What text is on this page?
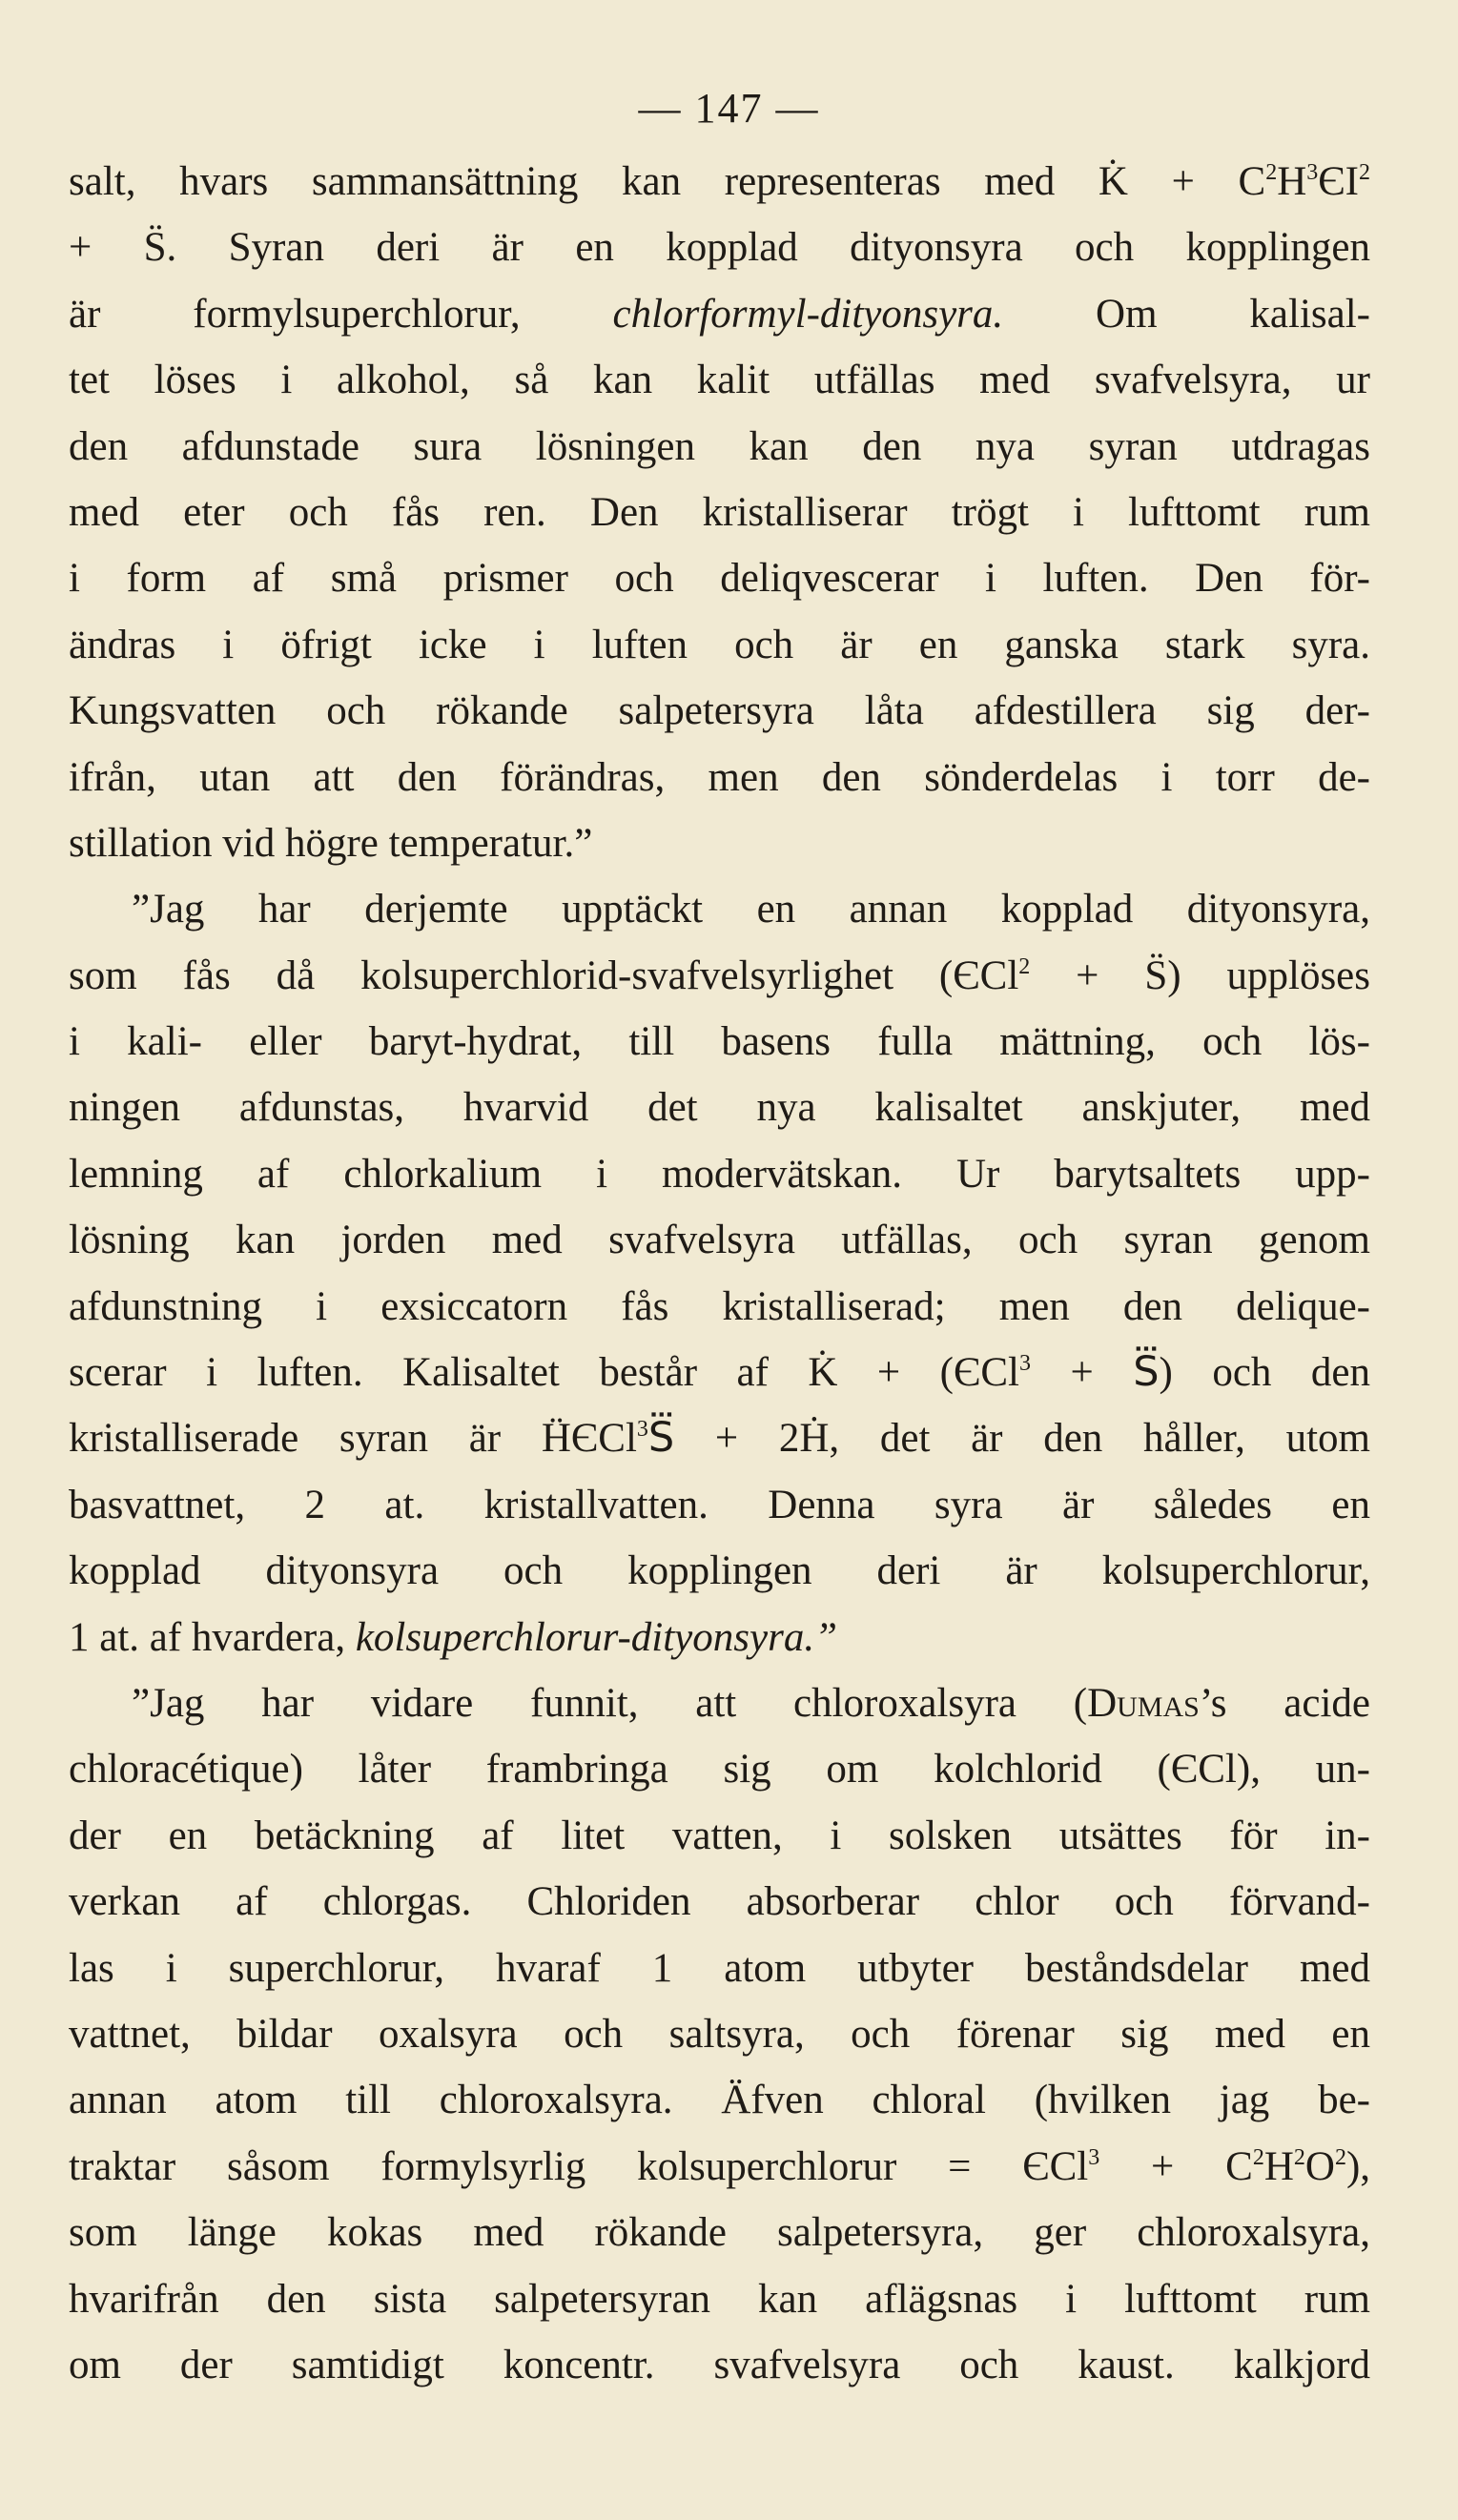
— 147 —
salt, hvars sammansättning kan representeras med K̇ + $C^2H^3ЄI^2$
+ S̈. Syran deri är en kopplad dityonsyra och kopplingen
är formylsuperchlorur, chlorformyl-dityonsyra. Om kalisal-
tet löses i alkohol, så kan kalit utfällas med svafvelsyra, ur
den afdunstade sura lösningen kan den nya syran utdragas
med eter och fås ren. Den kristalliserar trögt i lufttomt rum
i form af små prismer och deliqvescerar i luften. Den för-
ändras i öfrigt icke i luften och är en ganska stark syra.
Kungsvatten och rökande salpetersyra låta afdestillera sig der-
ifrån, utan att den förändras, men den sönderdelas i torr de-
stillation vid högre temperatur.”
”Jag har derjemte upptäckt en annan kopplad dityonsyra,
som fås då kolsuperchlorid-svafvelsyrlighet (ЄCl$^2$ + S̈) upplöses
i kali- eller baryt-hydrat, till basens fulla mättning, och lös-
ningen afdunstas, hvarvid det nya kalisaltet anskjuter, med
lemning af chlorkalium i modervätskan. Ur barytsaltets upp-
lösning kan jorden med svafvelsyra utfällas, och syran genom
afdunstning i exsiccatorn fås kristalliserad; men den delique-
scerar i luften. Kalisaltet består af K̇ + (ЄCl$^3$ + S⃛) och den
kristalliserade syran är ḦЄCl$^3$S⃛ + 2Ḣ, det är den håller, utom
basvattnet, 2 at. kristallvatten. Denna syra är således en
kopplad dityonsyra och kopplingen deri är kolsuperchlorur,
1 at. af hvardera, kolsuperchlorur-dityonsyra.”
”Jag har vidare funnit, att chloroxalsyra (Dumas’s acide
chloracétique) låter frambringa sig om kolchlorid (ЄCl), un-
der en betäckning af litet vatten, i solsken utsättes för in-
verkan af chlorgas. Chloriden absorberar chlor och förvand-
las i superchlorur, hvaraf 1 atom utbyter beståndsdelar med
vattnet, bildar oxalsyra och saltsyra, och förenar sig med en
annan atom till chloroxalsyra. Äfven chloral (hvilken jag be-
traktar såsom formylsyrlig kolsuperchlorur = $ЄCl^3 + C^2H^2O^2$),
som länge kokas med rökande salpetersyra, ger chloroxalsyra,
hvarifrån den sista salpetersyran kan aflägsnas i lufttomt rum
om der samtidigt koncentr. svafvelsyra och kaust. kalkjord
